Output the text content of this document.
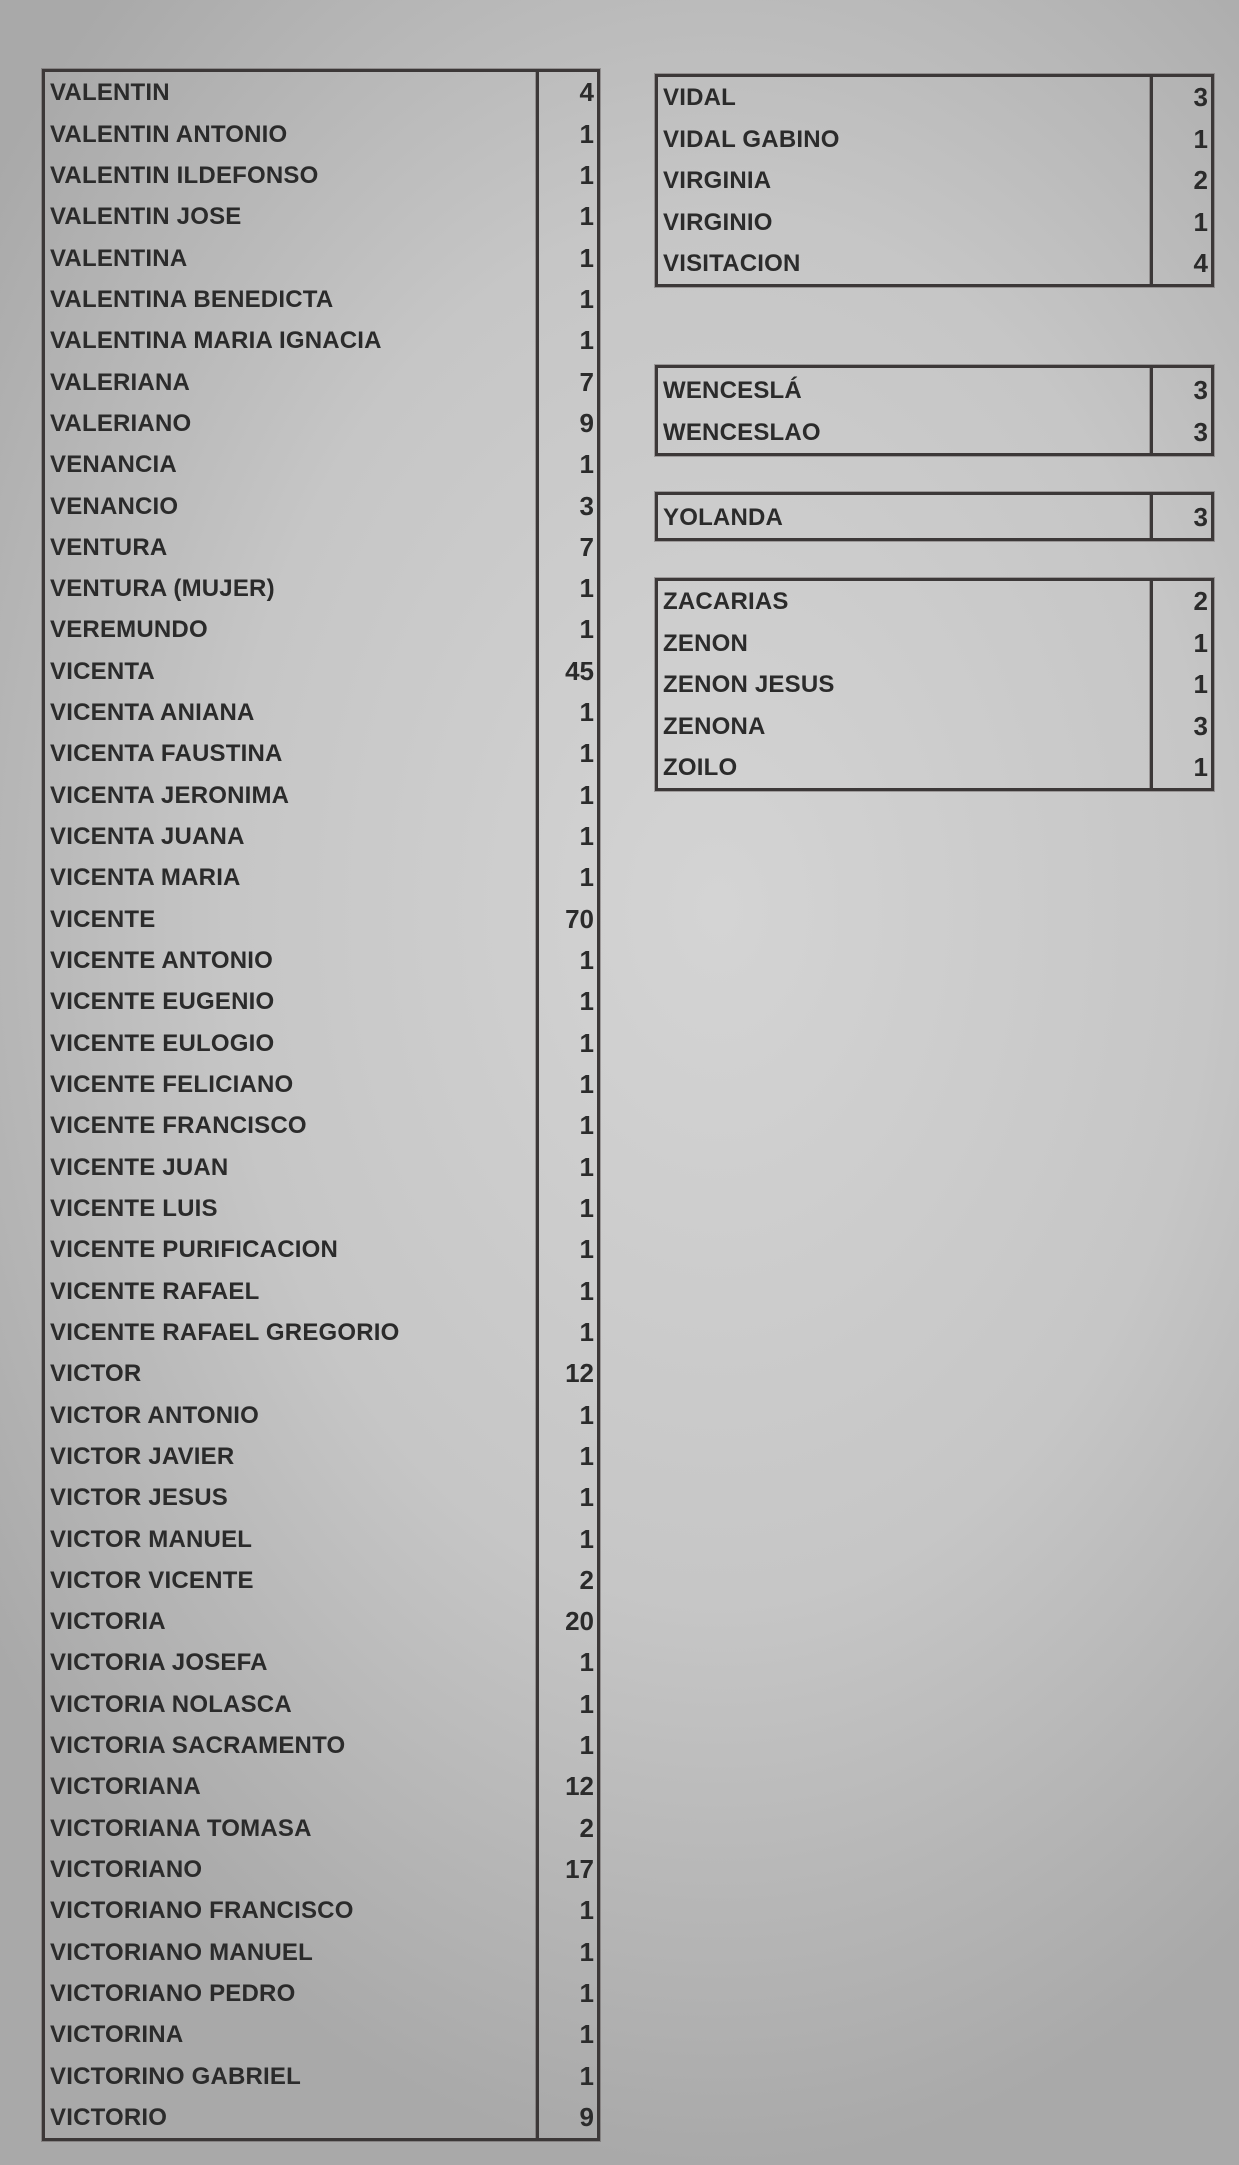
VALENTIN	4
VALENTIN ANTONIO	1
VALENTIN ILDEFONSO	1
VALENTIN JOSE	1
VALENTINA	1
VALENTINA BENEDICTA	1
VALENTINA MARIA IGNACIA	1
VALERIANA	7
VALERIANO	9
VENANCIA	1
VENANCIO	3
VENTURA	7
VENTURA (MUJER)	1
VEREMUNDO	1
VICENTA	45
VICENTA ANIANA	1
VICENTA FAUSTINA	1
VICENTA JERONIMA	1
VICENTA JUANA	1
VICENTA MARIA	1
VICENTE	70
VICENTE ANTONIO	1
VICENTE EUGENIO	1
VICENTE EULOGIO	1
VICENTE FELICIANO	1
VICENTE FRANCISCO	1
VICENTE JUAN	1
VICENTE LUIS	1
VICENTE PURIFICACION	1
VICENTE RAFAEL	1
VICENTE RAFAEL GREGORIO	1
VICTOR	12
VICTOR ANTONIO	1
VICTOR JAVIER	1
VICTOR JESUS	1
VICTOR MANUEL	1
VICTOR VICENTE	2
VICTORIA	20
VICTORIA JOSEFA	1
VICTORIA NOLASCA	1
VICTORIA SACRAMENTO	1
VICTORIANA	12
VICTORIANA TOMASA	2
VICTORIANO	17
VICTORIANO FRANCISCO	1
VICTORIANO MANUEL	1
VICTORIANO PEDRO	1
VICTORINA	1
VICTORINO GABRIEL	1
VICTORIO	9
VIDAL	3
VIDAL GABINO	1
VIRGINIA	2
VIRGINIO	1
VISITACION	4
WENCESLÁ	3
WENCESLAO	3
YOLANDA	3
ZACARIAS	2
ZENON	1
ZENON JESUS	1
ZENONA	3
ZOILO	1
